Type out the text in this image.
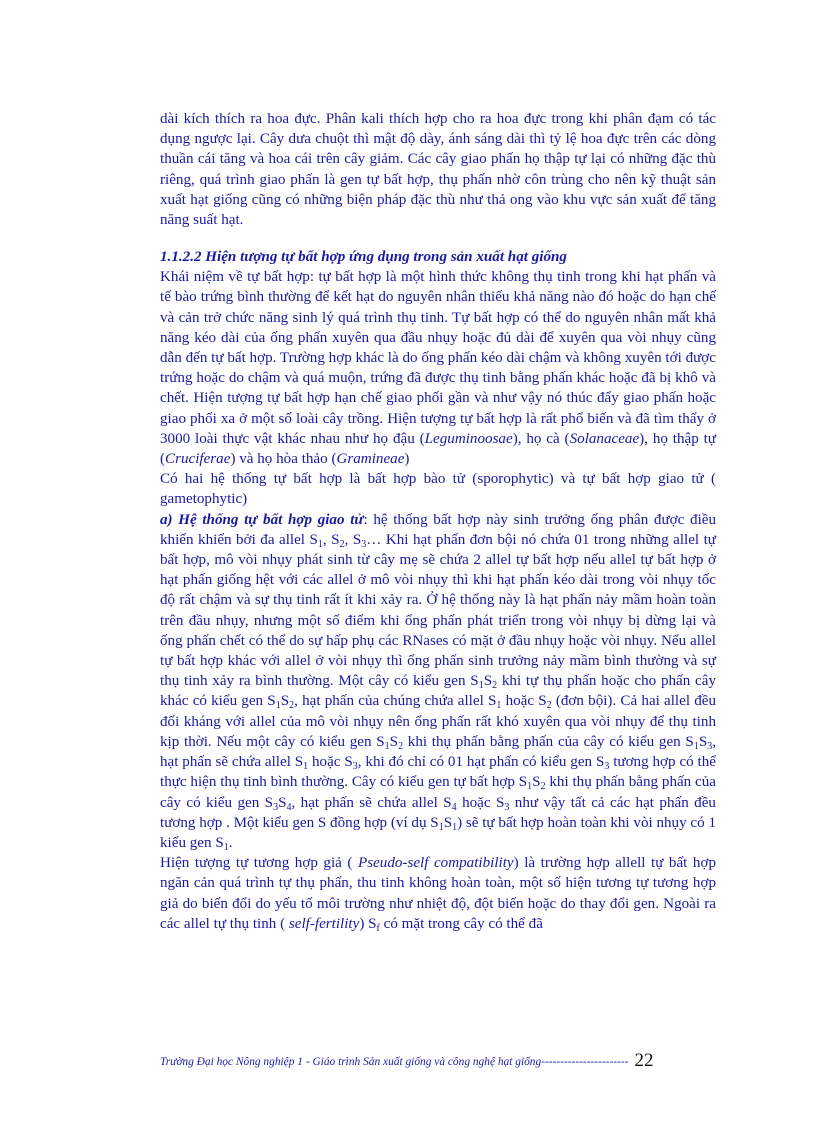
dài kích thích ra hoa đực. Phân kali thích hợp cho ra hoa đực trong khi phân đạm có tác dụng ngược lại. Cây dưa chuột thì mật độ dày, ánh sáng dài thì tỷ lệ hoa đực trên các dòng thuần cái tăng và hoa cái trên cây giảm. Các cây giao phấn họ thập tự lại có những đặc thù riêng, quá trình giao phấn là gen tự bất hợp, thụ phấn nhờ côn trùng cho nên kỹ thuật sản xuất hạt giống cũng có những biện pháp đặc thù như thả ong vào khu vực sản xuất để tăng năng suất hạt.

1.1.2.2 Hiện tượng tự bất hợp ứng dụng trong sản xuất hạt giống

Khái niệm về tự bất hợp: tự bất hợp là một hình thức không thụ tinh trong khi hạt phấn và tế bào trứng bình thường để kết hạt do nguyên nhân thiếu khả năng nào đó hoặc do hạn chế và cản trở chức năng sinh lý quá trình thụ tinh. Tự bất hợp có thể do nguyên nhân mất khả năng kéo dài của ống phấn xuyên qua đầu nhụy hoặc đủ dài để xuyên qua vòi nhụy cũng dẫn đến tự bất hợp. Trường hợp khác là do ống phấn kéo dài chậm và không xuyên tới được trứng hoặc do chậm và quá muộn, trứng đã được thụ tinh bằng phấn khác hoặc đã bị khô và chết. Hiện tượng tự bất hợp hạn chế giao phối gần và như vậy nó thúc đẩy giao phấn hoặc giao phối xa ở một số loài cây trồng. Hiện tượng tự bất hợp là rất phổ biến và đã tìm thấy ở 3000 loài thực vật khác nhau như họ đậu (Leguminoosae), họ cà (Solanaceae), họ thập tự (Cruciferae) và họ hòa thảo (Gramineae)

Có hai hệ thống tự bất hợp là bất hợp bào tử (sporophytic) và tự bất hợp giao tử ( gametophytic)

a) Hệ thống tự bất hợp giao tử: hệ thống bất hợp này sinh trưởng ống phân được điều khiển khiển bởi đa allel $S_1$, $S_2$, $S_3\dots$ Khi hạt phấn đơn bội nó chứa 01 trong những allel tự bất hợp, mô vòi nhụy phát sinh từ cây mẹ sẽ chứa 2 allel tự bất hợp nếu allel tự bất hợp ở hạt phấn giống hệt với các allel ở mô vòi nhụy thì khi hạt phấn kéo dài trong vòi nhụy tốc độ rất chậm và sự thụ tinh rất ít khi xảy ra. Ở hệ thống này là hạt phấn nảy mầm hoàn toàn trên đầu nhụy, nhưng một số điểm khi ống phấn phát triển trong vòi nhụy bị dừng lại và ống phấn chết có thể do sự hấp phụ các RNases có mặt ở đầu nhụy hoặc vòi nhụy. Nếu allel tự bất hợp khác với allel ở vòi nhụy thì ống phấn sinh trưởng nảy mầm bình thường và sự thụ tinh xảy ra bình thường. Một cây có kiểu gen $S_1S_2$ khi tự thụ phấn hoặc cho phấn cây khác có kiểu gen $S_1S_2$, hạt phấn của chúng chứa allel $S_1$ hoặc $S_2$ (đơn bội). Cả hai allel đều đối kháng với allel của mô vòi nhụy nên ống phấn rất khó xuyên qua vòi nhụy để thụ tinh kịp thời. Nếu một cây có kiểu gen $S_1S_2$ khi thụ phấn bằng phấn của cây có kiểu gen $S_1S_3$, hạt phấn sẽ chứa allel $S_1$ hoặc $S_3$, khi đó chỉ có 01 hạt phấn có kiểu gen $S_3$ tương hợp có thể thực hiện thụ tinh bình thường. Cây có kiểu gen tự bất hợp $S_1S_2$ khi thụ phấn bằng phấn của cây có kiểu gen $S_3S_4$, hạt phấn sẽ chứa allel $S_4$ hoặc $S_3$ như vậy tất cả các hạt phấn đều tương hợp . Một kiểu gen S đồng hợp (ví dụ $S_1S_1$) sẽ tự bất hợp hoàn toàn khi vòi nhụy có 1 kiểu gen $S_1$.

Hiện tượng tự tương hợp giả ( Pseudo-self compatibility) là trường hợp allell tự bất hợp ngăn cản quá trình tự thụ phấn, thu tinh không hoàn toàn, một số hiện tương tự tương hợp giả do biến đổi do yếu tố môi trường như nhiệt độ, đột biến hoặc do thay đổi gen. Ngoài ra các allel tự thụ tinh ( self-fertility) $S_f$ có mặt trong cây có thể đã

Trường Đại học Nông nghiệp 1 - Giáo trình Sản xuất giống và công nghệ hạt giống----------------------- 22
